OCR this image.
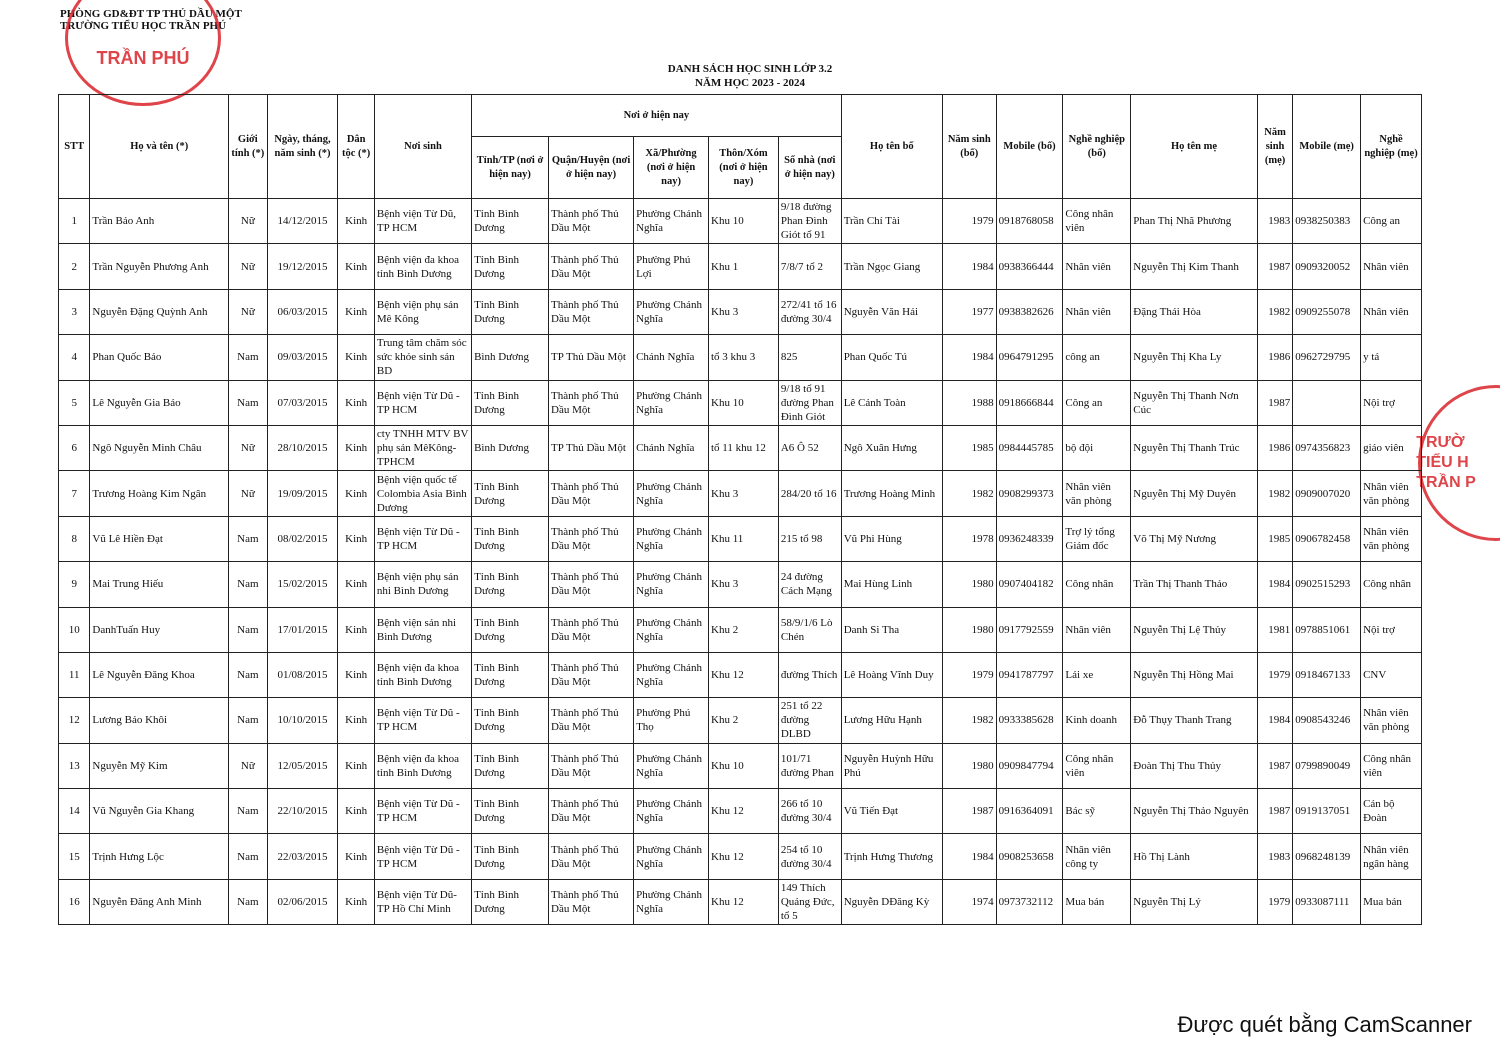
PHÒNG GD&ĐT TP THỦ DẦU MỘT
TRƯỜNG TIỂU HỌC TRẦN PHÚ
TRẦN PHÚ
TRƯỜ
TIỂU H
TRẦN P
DANH SÁCH HỌC SINH LỚP 3.2
NĂM HỌC 2023 - 2024
STT	Họ và tên (*)	Giới tính (*)	Ngày, tháng, năm sinh (*)	Dân tộc (*)	Nơi sinh	Nơi ở hiện nay					Họ tên bố	Năm sinh (bố)	Mobile (bố)	Nghề nghiệp (bố)	Họ tên mẹ	Năm sinh (mẹ)	Mobile (mẹ)	Nghề nghiệp (mẹ)
						Tỉnh/TP (nơi ở hiện nay)	Quận/Huyện (nơi ở hiện nay)	Xã/Phường (nơi ở hiện nay)	Thôn/Xóm (nơi ở hiện nay)	Số nhà (nơi ở hiện nay)								
1	Trần Bảo Anh	Nữ	14/12/2015	Kinh	Bệnh viện Từ Dũ, TP HCM	Tỉnh Bình Dương	Thành phố Thủ Dầu Một	Phường Chánh Nghĩa	Khu 10	9/18 đường Phan Đình Giót tổ 91	Trần Chí Tài	1979	0918768058	Công nhân viên	Phan Thị Nhã Phương	1983	0938250383	Công an
2	Trần Nguyễn Phương Anh	Nữ	19/12/2015	Kinh	Bệnh viện đa khoa tỉnh Bình Dương	Tỉnh Bình Dương	Thành phố Thủ Dầu Một	Phường Phú Lợi	Khu 1	7/8/7 tổ 2	Trần Ngọc Giang	1984	0938366444	Nhân viên	Nguyễn Thị Kim Thanh	1987	0909320052	Nhân viên
3	Nguyễn Đặng Quỳnh Anh	Nữ	06/03/2015	Kinh	Bệnh viện phụ sản Mê Kông	Tỉnh Bình Dương	Thành phố Thủ Dầu Một	Phường Chánh Nghĩa	Khu 3	272/41 tổ 16 đường 30/4	Nguyễn Văn Hải	1977	0938382626	Nhân viên	Đặng Thái Hòa	1982	0909255078	Nhân viên
4	Phan Quốc Bảo	Nam	09/03/2015	Kinh	Trung tâm chăm sóc sức khỏe sinh sản BD	Bình Dương	TP Thủ Dầu Một	Chánh Nghĩa	tổ 3 khu 3	825	Phan Quốc Tú	1984	0964791295	công an	Nguyễn Thị Kha Ly	1986	0962729795	y tá
5	Lê Nguyễn Gia Bảo	Nam	07/03/2015	Kinh	Bệnh viện Từ Dũ - TP HCM	Tỉnh Bình Dương	Thành phố Thủ Dầu Một	Phường Chánh Nghĩa	Khu 10	9/18 tổ 91 đường Phan Đình Giót	Lê Cảnh Toàn	1988	0918666844	Công an	Nguyễn Thị Thanh Nơn Cúc	1987		Nội trợ
6	Ngô Nguyễn Minh Châu	Nữ	28/10/2015	Kinh	cty TNHH MTV BV phụ sản MêKông- TPHCM	Bình Dương	TP Thủ Dầu Một	Chánh Nghĩa	tổ 11 khu 12	A6 Ô 52	Ngô Xuân Hưng	1985	0984445785	bộ đội	Nguyễn Thị Thanh Trúc	1986	0974356823	giáo viên
7	Trương Hoàng Kim Ngân	Nữ	19/09/2015	Kinh	Bệnh viện quốc tế Colombia Asia Bình Dương	Tỉnh Bình Dương	Thành phố Thủ Dầu Một	Phường Chánh Nghĩa	Khu 3	284/20 tổ 16	Trương Hoàng Minh	1982	0908299373	Nhân viên văn phòng	Nguyễn Thị Mỹ Duyên	1982	0909007020	Nhân viên văn phòng
8	Vũ Lê Hiền Đạt	Nam	08/02/2015	Kinh	Bệnh viện Từ Dũ - TP HCM	Tỉnh Bình Dương	Thành phố Thủ Dầu Một	Phường Chánh Nghĩa	Khu 11	215 tổ 98	Vũ Phi Hùng	1978	0936248339	Trợ lý tổng Giám đốc	Võ Thị Mỹ Nương	1985	0906782458	Nhân viên văn phòng
9	Mai Trung Hiếu	Nam	15/02/2015	Kinh	Bệnh viện phụ sản nhi Bình Dương	Tỉnh Bình Dương	Thành phố Thủ Dầu Một	Phường Chánh Nghĩa	Khu 3	24 đường Cách Mạng	Mai Hùng Linh	1980	0907404182	Công nhân	Trần Thị Thanh Thảo	1984	0902515293	Công nhân
10	DanhTuấn Huy	Nam	17/01/2015	Kinh	Bệnh viện sản nhi Bình Dương	Tỉnh Bình Dương	Thành phố Thủ Dầu Một	Phường Chánh Nghĩa	Khu 2	58/9/1/6 Lò Chén	Danh Si Tha	1980	0917792559	Nhân viên	Nguyễn Thị Lệ Thủy	1981	0978851061	Nội trợ
11	Lê Nguyễn Đăng Khoa	Nam	01/08/2015	Kinh	Bệnh viện đa khoa tỉnh Bình Dương	Tỉnh Bình Dương	Thành phố Thủ Dầu Một	Phường Chánh Nghĩa	Khu 12	đường Thích	Lê Hoàng Vĩnh Duy	1979	0941787797	Lái xe	Nguyễn Thị Hồng Mai	1979	0918467133	CNV
12	Lương Bảo Khôi	Nam	10/10/2015	Kinh	Bệnh viện Từ Dũ - TP HCM	Tỉnh Bình Dương	Thành phố Thủ Dầu Một	Phường Phú Thọ	Khu 2	251 tổ 22 đường DLBD	Lương Hữu Hạnh	1982	0933385628	Kinh doanh	Đỗ Thụy Thanh Trang	1984	0908543246	Nhân viên văn phòng
13	Nguyễn Mỹ Kim	Nữ	12/05/2015	Kinh	Bệnh viện đa khoa tỉnh Bình Dương	Tỉnh Bình Dương	Thành phố Thủ Dầu Một	Phường Chánh Nghĩa	Khu 10	101/71 đường Phan	Nguyễn Huỳnh Hữu Phú	1980	0909847794	Công nhân viên	Đoàn Thị Thu Thủy	1987	0799890049	Công nhân viên
14	Vũ Nguyễn Gia Khang	Nam	22/10/2015	Kinh	Bệnh viện Từ Dũ - TP HCM	Tỉnh Bình Dương	Thành phố Thủ Dầu Một	Phường Chánh Nghĩa	Khu 12	266 tổ 10 đường 30/4	Vũ Tiến Đạt	1987	0916364091	Bác sỹ	Nguyễn Thị Thảo Nguyên	1987	0919137051	Cán bộ Đoàn
15	Trịnh Hưng Lộc	Nam	22/03/2015	Kinh	Bệnh viện Từ Dũ - TP HCM	Tỉnh Bình Dương	Thành phố Thủ Dầu Một	Phường Chánh Nghĩa	Khu 12	254 tổ 10 đường 30/4	Trịnh Hưng Thương	1984	0908253658	Nhân viên công ty	Hồ Thị Lành	1983	0968248139	Nhân viên ngân hàng
16	Nguyễn Đăng Anh Minh	Nam	02/06/2015	Kinh	Bệnh viện Từ Dũ- TP Hồ Chí Minh	Tỉnh Bình Dương	Thành phố Thủ Dầu Một	Phường Chánh Nghĩa	Khu 12	149 Thích Quảng Đức, tổ 5	Nguyễn DĐăng Kỳ	1974	0973732112	Mua bán	Nguyễn Thị Lý	1979	0933087111	Mua bán
Được quét bằng CamScanner
